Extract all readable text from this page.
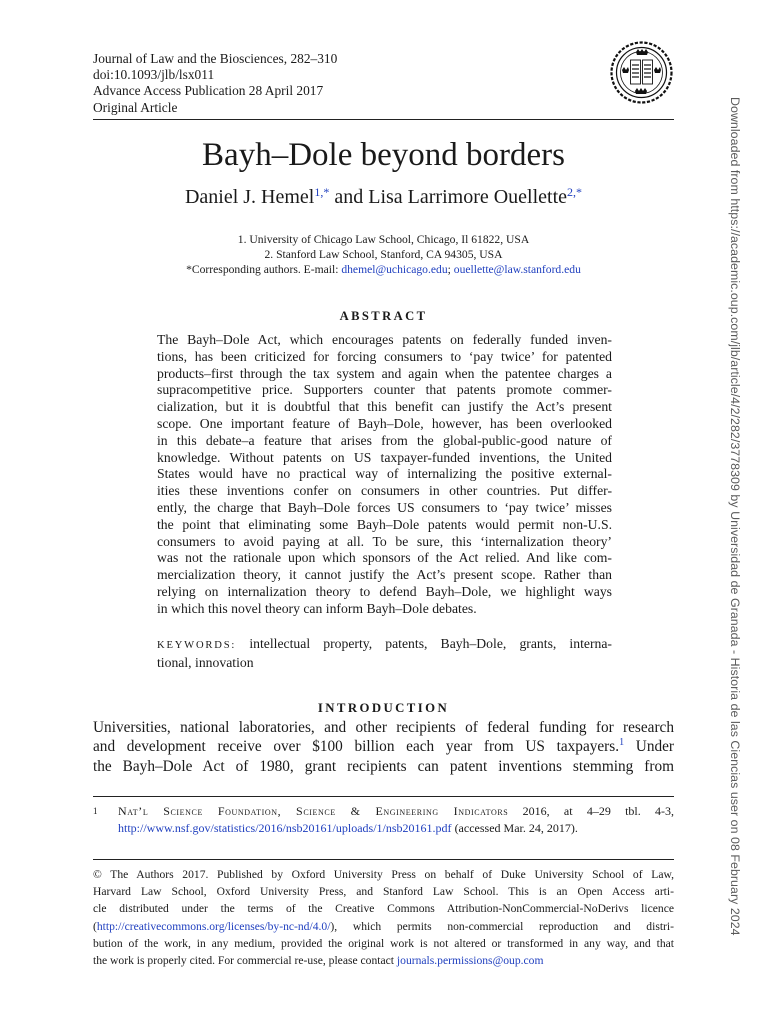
Journal of Law and the Biosciences, 282–310
doi:10.1093/jlb/lsx011
Advance Access Publication 28 April 2017
Original Article
Bayh–Dole beyond borders
Daniel J. Hemel$^{1,*}$ and Lisa Larrimore Ouellette$^{2,*}$
1. University of Chicago Law School, Chicago, Il 61822, USA
2. Stanford Law School, Stanford, CA 94305, USA
*Corresponding authors. E-mail: dhemel@uchicago.edu; ouellette@law.stanford.edu
ABSTRACT
The Bayh–Dole Act, which encourages patents on federally funded inven-
tions, has been criticized for forcing consumers to ‘pay twice’ for patented
products–first through the tax system and again when the patentee charges a
supracompetitive price. Supporters counter that patents promote commer-
cialization, but it is doubtful that this benefit can justify the Act’s present
scope. One important feature of Bayh–Dole, however, has been overlooked
in this debate–a feature that arises from the global-public-good nature of
knowledge. Without patents on US taxpayer-funded inventions, the United
States would have no practical way of internalizing the positive external-
ities these inventions confer on consumers in other countries. Put differ-
ently, the charge that Bayh–Dole forces US consumers to ‘pay twice’ misses
the point that eliminating some Bayh–Dole patents would permit non-U.S.
consumers to avoid paying at all. To be sure, this ‘internalization theory’
was not the rationale upon which sponsors of the Act relied. And like com-
mercialization theory, it cannot justify the Act’s present scope. Rather than
relying on internalization theory to defend Bayh–Dole, we highlight ways
in which this novel theory can inform Bayh–Dole debates.
KEYWORDS: intellectual property, patents, Bayh–Dole, grants, interna-
tional, innovation
INTRODUCTION
Universities, national laboratories, and other recipients of federal funding for research
and development receive over $100 billion each year from US taxpayers.$^1$ Under
the Bayh–Dole Act of 1980, grant recipients can patent inventions stemming from
1 Nat’l Science Foundation, Science & Engineering Indicators 2016, at 4–29 tbl. 4-3,
http://www.nsf.gov/statistics/2016/nsb20161/uploads/1/nsb20161.pdf (accessed Mar. 24, 2017).
© The Authors 2017. Published by Oxford University Press on behalf of Duke University School of Law,
Harvard Law School, Oxford University Press, and Stanford Law School. This is an Open Access arti-
cle distributed under the terms of the Creative Commons Attribution-NonCommercial-NoDerivs licence
(http://creativecommons.org/licenses/by-nc-nd/4.0/), which permits non-commercial reproduction and distri-
bution of the work, in any medium, provided the original work is not altered or transformed in any way, and that
the work is properly cited. For commercial re-use, please contact journals.permissions@oup.com
Downloaded from https://academic.oup.com/jlb/article/4/2/282/3778309 by Universidad de Granada - Historia de las Ciencias user on 08 February 2024
